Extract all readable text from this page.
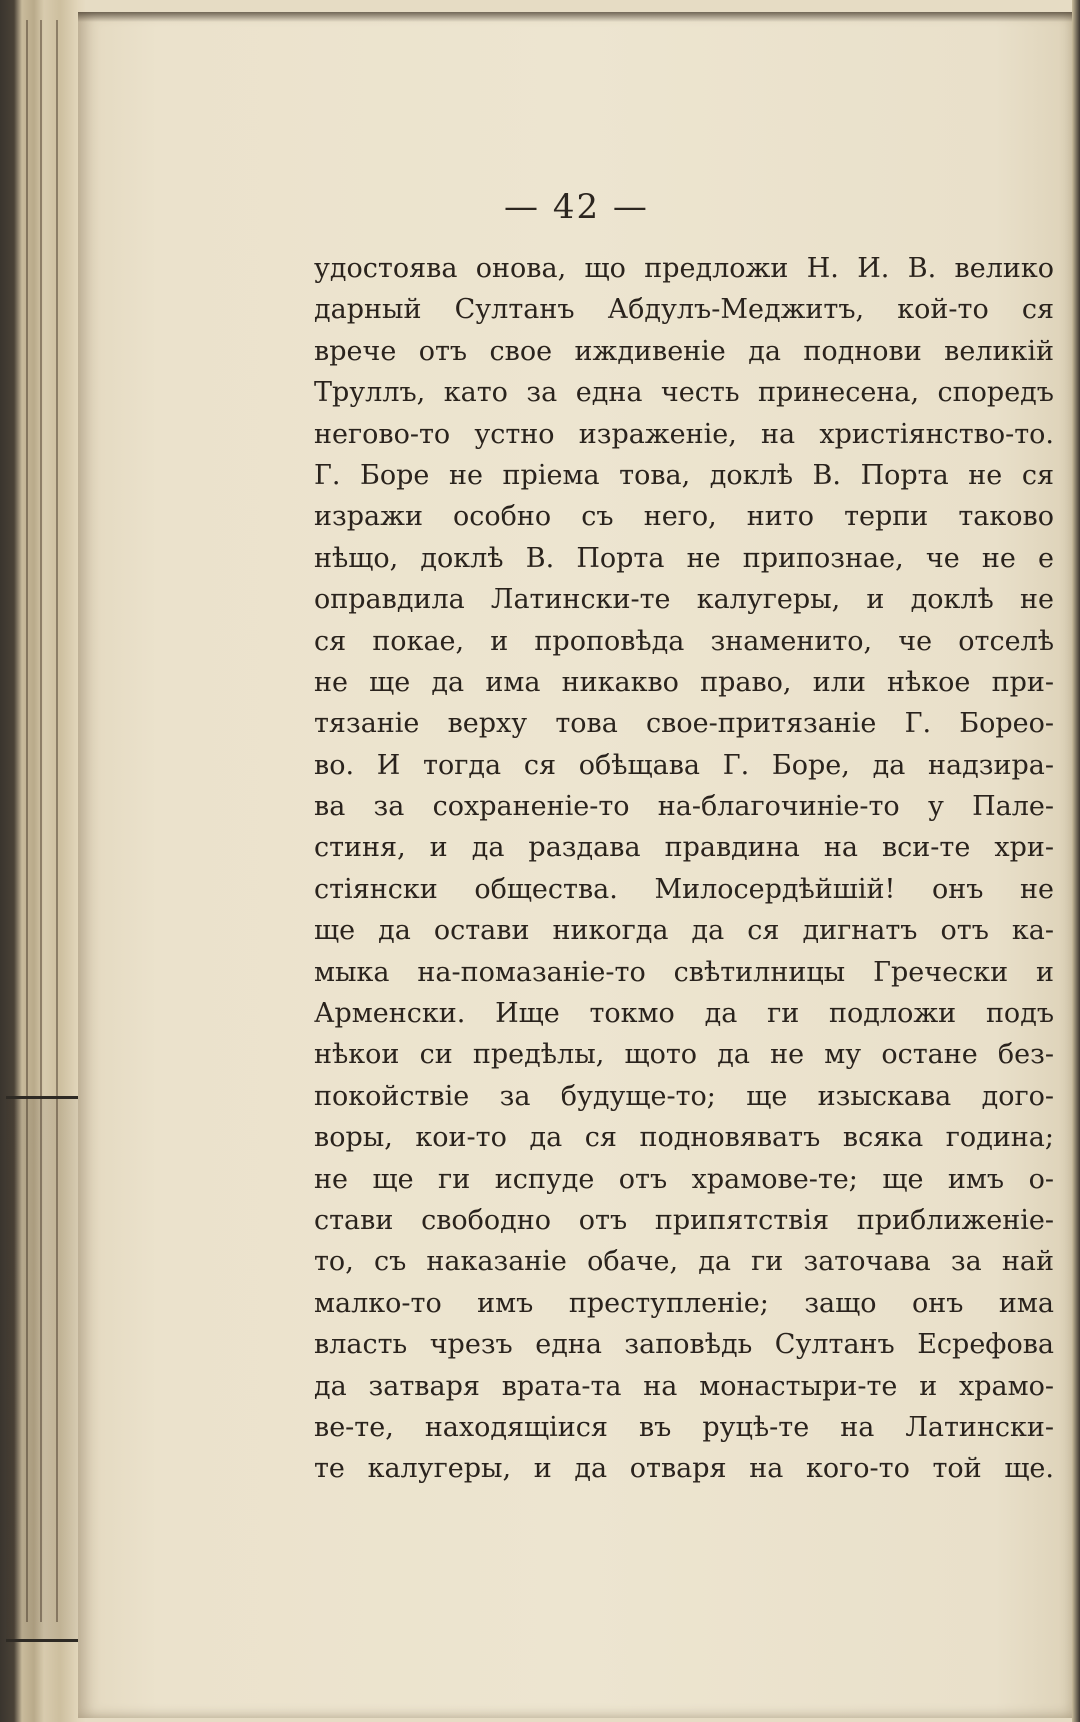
— 42 —
удостоява онова, що предложи Н. И. В. велико
дарный Султанъ Абдулъ-Меджитъ, кой-то ся
врече отъ свое иждивеніе да поднови великій
Труллъ, като за една честь принесена, споредъ
негово-то устно израженіе, на христіянство-то.
Г. Боре не пріема това, доклѣ В. Порта не ся
изражи особно съ него, нито терпи таково
нѣщо, доклѣ В. Порта не припознае, че не е
оправдила Латински-те калугеры, и доклѣ не
ся покае, и проповѣда знаменито, че отселѣ
не ще да има никакво право, или нѣкое при-
тязаніе верху това свое-притязаніе Г. Борео-
во. И тогда ся обѣщава Г. Боре, да надзира-
ва за сохраненіе-то на-благочиніе-то у Пале-
стиня, и да раздава правдина на вси-те хри-
стіянски общества. Милосердѣйшій! онъ не
ще да остави никогда да ся дигнатъ отъ ка-
мыка на-помазаніе-то свѣтилницы Гречески и
Арменски. Ище токмо да ги подложи подъ
нѣкои си предѣлы, щото да не му остане без-
покойствіе за будуще-то; ще изыскава дого-
воры, кои-то да ся подновяватъ всяка година;
не ще ги испуде отъ храмове-те; ще имъ о-
стави свободно отъ припятствія приближеніе-
то, съ наказаніе обаче, да ги заточава за най
малко-то имъ преступленіе; защо онъ има
власть чрезъ една заповѣдь Султанъ Есрефова
да затваря врата-та на монастыри-те и храмо-
ве-те, находящіися въ руцѣ-те на Латински-
те калугеры, и да отваря на кого-то той ще.
